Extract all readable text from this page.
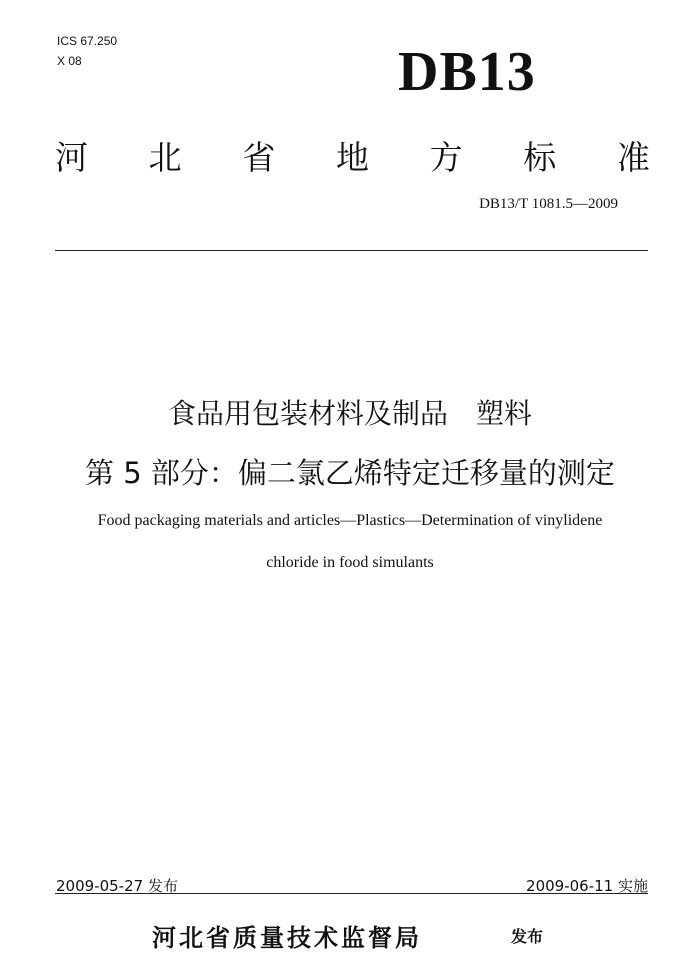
ICS 67.250
X 08	DB13
河 北 省 地 方 标 准
DB13/T 1081.5—2009
食品用包装材料及制品　塑料
第 5 部分：偏二氯乙烯特定迁移量的测定
Food packaging materials and articles—Plastics—Determination of vinylidene
chloride in food simulants
2009-05-27 发布	2009-06-11 实施
河北省质量技术监督局	发布
